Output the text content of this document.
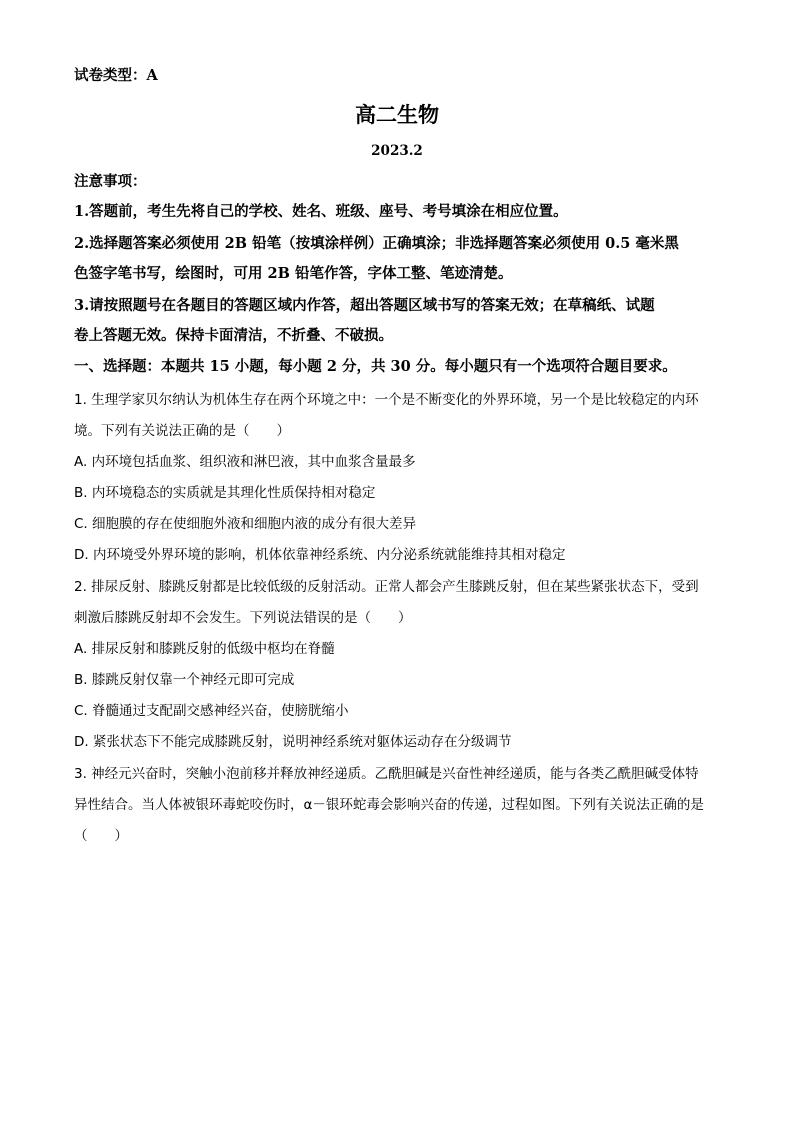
试卷类型：A
高二生物
2023.2
注意事项：
1.答题前，考生先将自己的学校、姓名、班级、座号、考号填涂在相应位置。
2.选择题答案必须使用 2B 铅笔（按填涂样例）正确填涂；非选择题答案必须使用 0.5 毫米黑
色签字笔书写，绘图时，可用 2B 铅笔作答，字体工整、笔迹清楚。
3.请按照题号在各题目的答题区域内作答，超出答题区域书写的答案无效；在草稿纸、试题
卷上答题无效。保持卡面清洁，不折叠、不破损。
一、选择题：本题共 15 小题，每小题 2 分，共 30 分。每小题只有一个选项符合题目要求。
1. 生理学家贝尔纳认为机体生存在两个环境之中：一个是不断变化的外界环境，另一个是比较稳定的内环
境。下列有关说法正确的是（　　）
A. 内环境包括血浆、组织液和淋巴液，其中血浆含量最多
B. 内环境稳态的实质就是其理化性质保持相对稳定
C. 细胞膜的存在使细胞外液和细胞内液的成分有很大差异
D. 内环境受外界环境的影响，机体依靠神经系统、内分泌系统就能维持其相对稳定
2. 排尿反射、膝跳反射都是比较低级的反射活动。正常人都会产生膝跳反射，但在某些紧张状态下，受到
刺激后膝跳反射却不会发生。下列说法错误的是（　　）
A. 排尿反射和膝跳反射的低级中枢均在脊髓
B. 膝跳反射仅靠一个神经元即可完成
C. 脊髓通过支配副交感神经兴奋，使膀胱缩小
D. 紧张状态下不能完成膝跳反射，说明神经系统对躯体运动存在分级调节
3. 神经元兴奋时，突触小泡前移并释放神经递质。乙酰胆碱是兴奋性神经递质，能与各类乙酰胆碱受体特
异性结合。当人体被银环毒蛇咬伤时，α－银环蛇毒会影响兴奋的传递，过程如图。下列有关说法正确的是
（　　）
